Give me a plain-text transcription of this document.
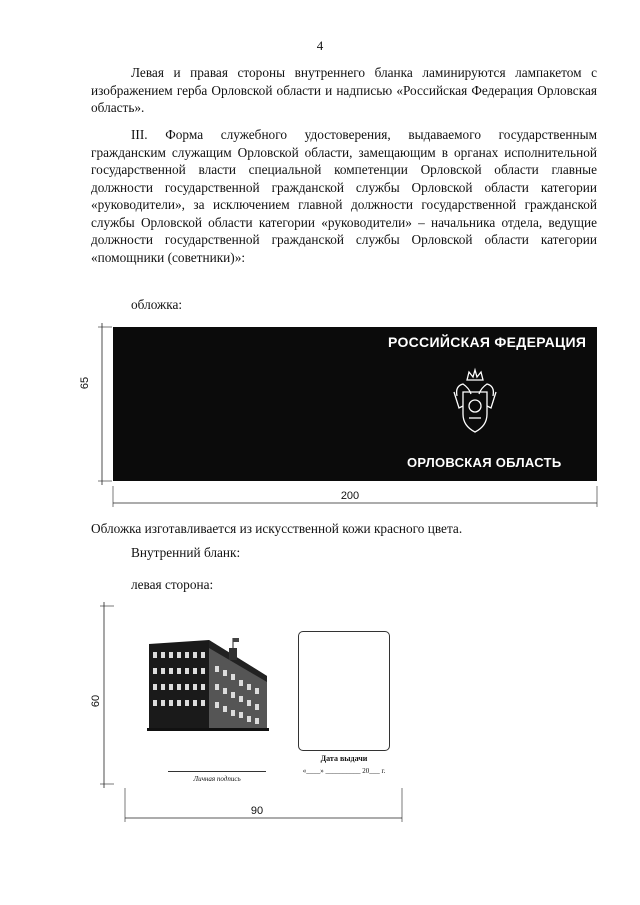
4
Левая и правая стороны внутреннего бланка ламинируются лампакетом с изображением герба Орловской области и надписью «Российская Федерация Орловская область».
III. Форма служебного удостоверения, выдаваемого государственным гражданским служащим Орловской области, замещающим в органах исполнительной государственной власти специальной компетенции Орловской области главные должности государственной гражданской службы Орловской области категории «руководители», за исключением главной должности государственной гражданской службы Орловской области категории «руководители» – начальника отдела, ведущие должности государственной гражданской службы Орловской области категории «помощники (советники)»:
обложка:
65
200
РОССИЙСКАЯ ФЕДЕРАЦИЯ
ОРЛОВСКАЯ ОБЛАСТЬ
Обложка изготавливается из искусственной кожи красного цвета.
Внутренний бланк:
левая сторона:
60
90
Личная подпись
Дата выдачи
«____» __________ 20___ г.
